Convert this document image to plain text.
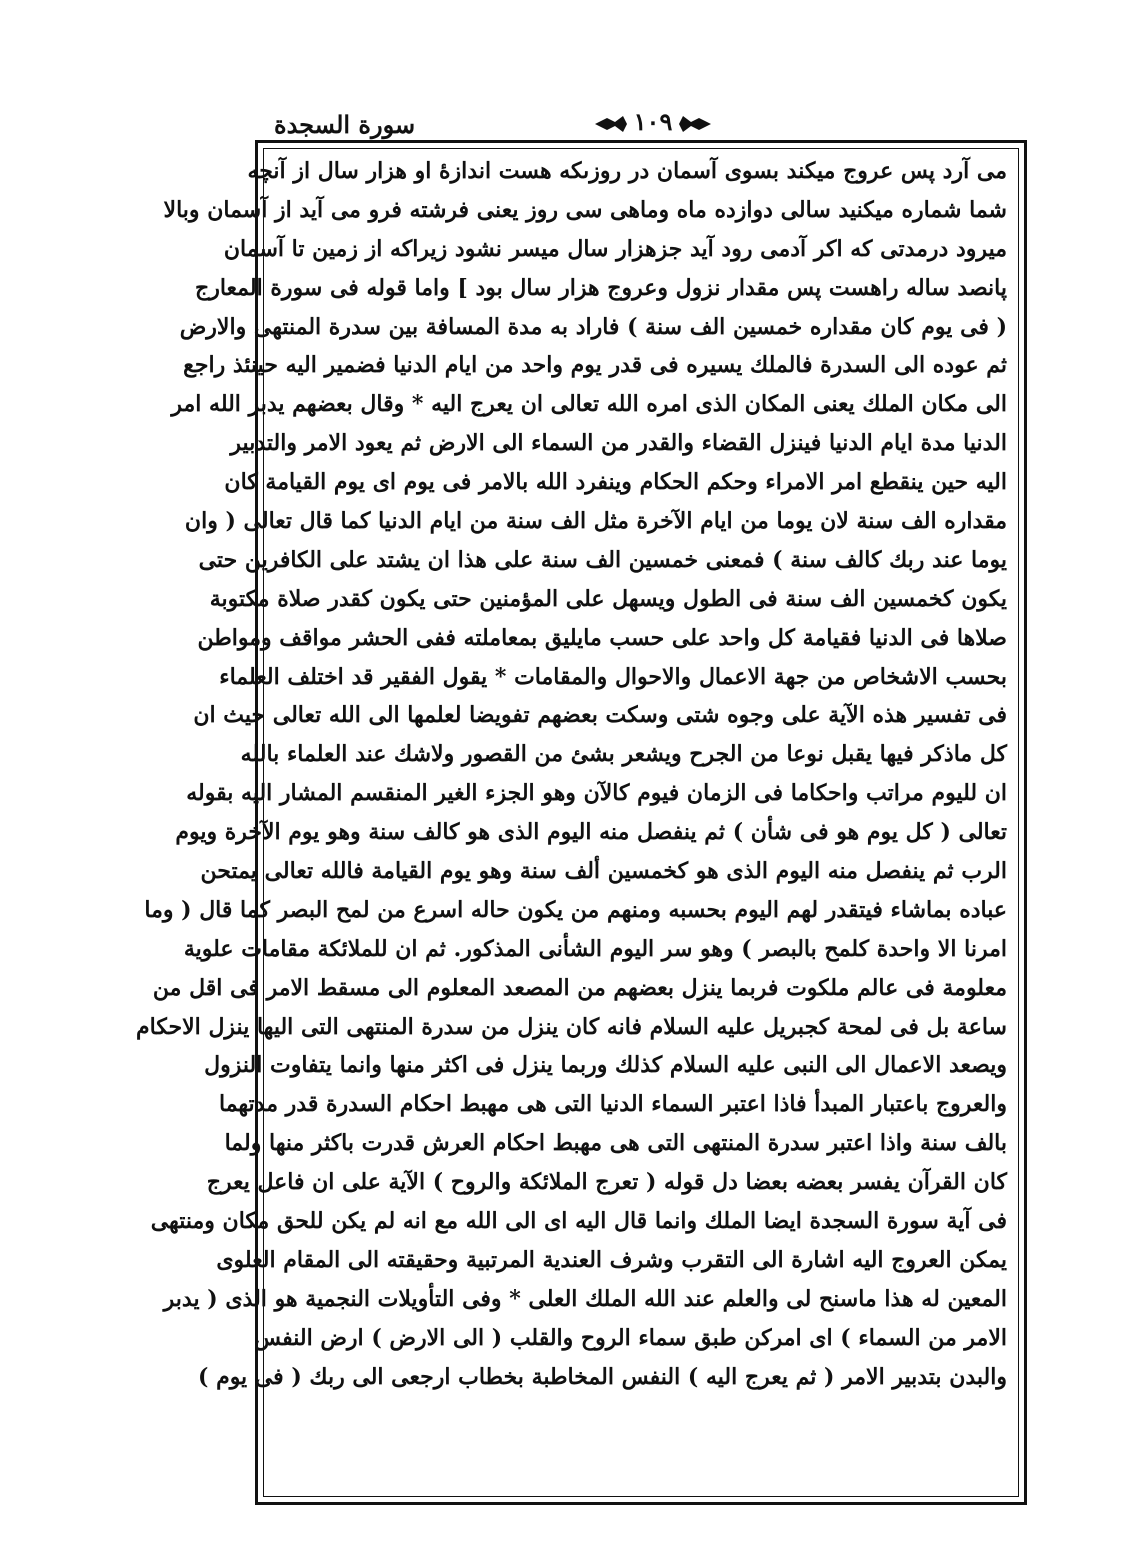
سورة السجدة	١٠٩
مى آرد پس عروج ميكند بسوى آسمان در روزىكه هست اندازۀ او هزار سال از آنچه
شما شماره ميكنيد سالى دوازده ماه وماهى سى روز يعنى فرشته فرو مى آيد از آسمان وبالا
ميرود درمدتى كه اكر آدمى رود آيد جزهزار سال ميسر نشود زيراكه از زمين تا آسمان
پانصد ساله راهست پس مقدار نزول وعروج هزار سال بود ] واما قوله فى سورة المعارج
( فى يوم كان مقداره خمسين الف سنة ) فاراد به مدة المسافة بين سدرة المنتهى والارض
ثم عوده الى السدرة فالملك يسيره فى قدر يوم واحد من ايام الدنيا فضمير اليه حينئذ راجع
الى مكان الملك يعنى المكان الذى امره الله تعالى ان يعرج اليه * وقال بعضهم يدبر الله امر
الدنيا مدة ايام الدنيا فينزل القضاء والقدر من السماء الى الارض ثم يعود الامر والتدبير
اليه حين ينقطع امر الامراء وحكم الحكام وينفرد الله بالامر فى يوم اى يوم القيامة كان
مقداره الف سنة لان يوما من ايام الآخرة مثل الف سنة من ايام الدنيا كما قال تعالى ( وان
يوما عند ربك كالف سنة ) فمعنى خمسين الف سنة على هذا ان يشتد على الكافرين حتى
يكون كخمسين الف سنة فى الطول ويسهل على المؤمنين حتى يكون كقدر صلاة مكتوبة
صلاها فى الدنيا فقيامة كل واحد على حسب مايليق بمعاملته ففى الحشر مواقف ومواطن
بحسب الاشخاص من جهة الاعمال والاحوال والمقامات * يقول الفقير قد اختلف العلماء
فى تفسير هذه الآية على وجوه شتى وسكت بعضهم تفويضا لعلمها الى الله تعالى حيث ان
كل ماذكر فيها يقبل نوعا من الجرح ويشعر بشئ من القصور ولاشك عند العلماء بالله
ان لليوم مراتب واحكاما فى الزمان فيوم كالآن وهو الجزء الغير المنقسم المشار اليه بقوله
تعالى ( كل يوم هو فى شأن ) ثم ينفصل منه اليوم الذى هو كالف سنة وهو يوم الآخرة ويوم
الرب ثم ينفصل منه اليوم الذى هو كخمسين ألف سنة وهو يوم القيامة فالله تعالى يمتحن
عباده بماشاء فيتقدر لهم اليوم بحسبه ومنهم من يكون حاله اسرع من لمح البصر كما قال ( وما
امرنا الا واحدة كلمح بالبصر ) وهو سر اليوم الشأنى المذكور. ثم ان للملائكة مقامات علوية
معلومة فى عالم ملكوت فربما ينزل بعضهم من المصعد المعلوم الى مسقط الامر فى اقل من
ساعة بل فى لمحة كجبريل عليه السلام فانه كان ينزل من سدرة المنتهى التى اليها ينزل الاحكام
ويصعد الاعمال الى النبى عليه السلام كذلك وربما ينزل فى اكثر منها وانما يتفاوت النزول
والعروج باعتبار المبدأ فاذا اعتبر السماء الدنيا التى هى مهبط احكام السدرة قدر مدتهما
بالف سنة واذا اعتبر سدرة المنتهى التى هى مهبط احكام العرش قدرت باكثر منها ولما
كان القرآن يفسر بعضه بعضا دل قوله ( تعرج الملائكة والروح ) الآية على ان فاعل يعرج
فى آية سورة السجدة ايضا الملك وانما قال اليه اى الى الله مع انه لم يكن للحق مكان ومنتهى
يمكن العروج اليه اشارة الى التقرب وشرف العندية المرتبية وحقيقته الى المقام العلوى
المعين له هذا ماسنح لى والعلم عند الله الملك العلى * وفى التأويلات النجمية هو الذى ( يدبر
الامر من السماء ) اى امركن طبق سماء الروح والقلب ( الى الارض ) ارض النفس
والبدن بتدبير الامر ( ثم يعرج اليه ) النفس المخاطبة بخطاب ارجعى الى ربك ( فى يوم )
